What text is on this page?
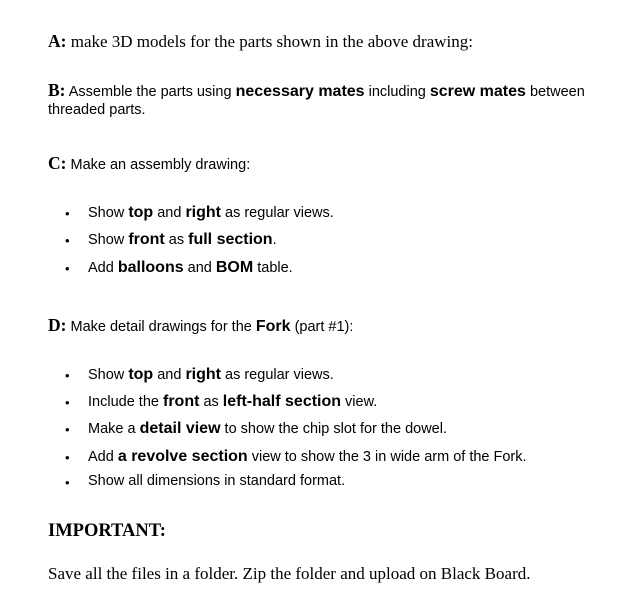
A: make 3D models for the parts shown in the above drawing:
B: Assemble the parts using necessary mates including screw mates between
threaded parts.
C: Make an assembly drawing:
• Show top and right as regular views.
• Show front as full section.
• Add balloons and BOM table.
D: Make detail drawings for the Fork (part #1):
• Show top and right as regular views.
• Include the front as left-half section view.
• Make a detail view to show the chip slot for the dowel.
• Add a revolve section view to show the 3 in wide arm of the Fork.
• Show all dimensions in standard format.
IMPORTANT:
Save all the files in a folder. Zip the folder and upload on Black Board.
